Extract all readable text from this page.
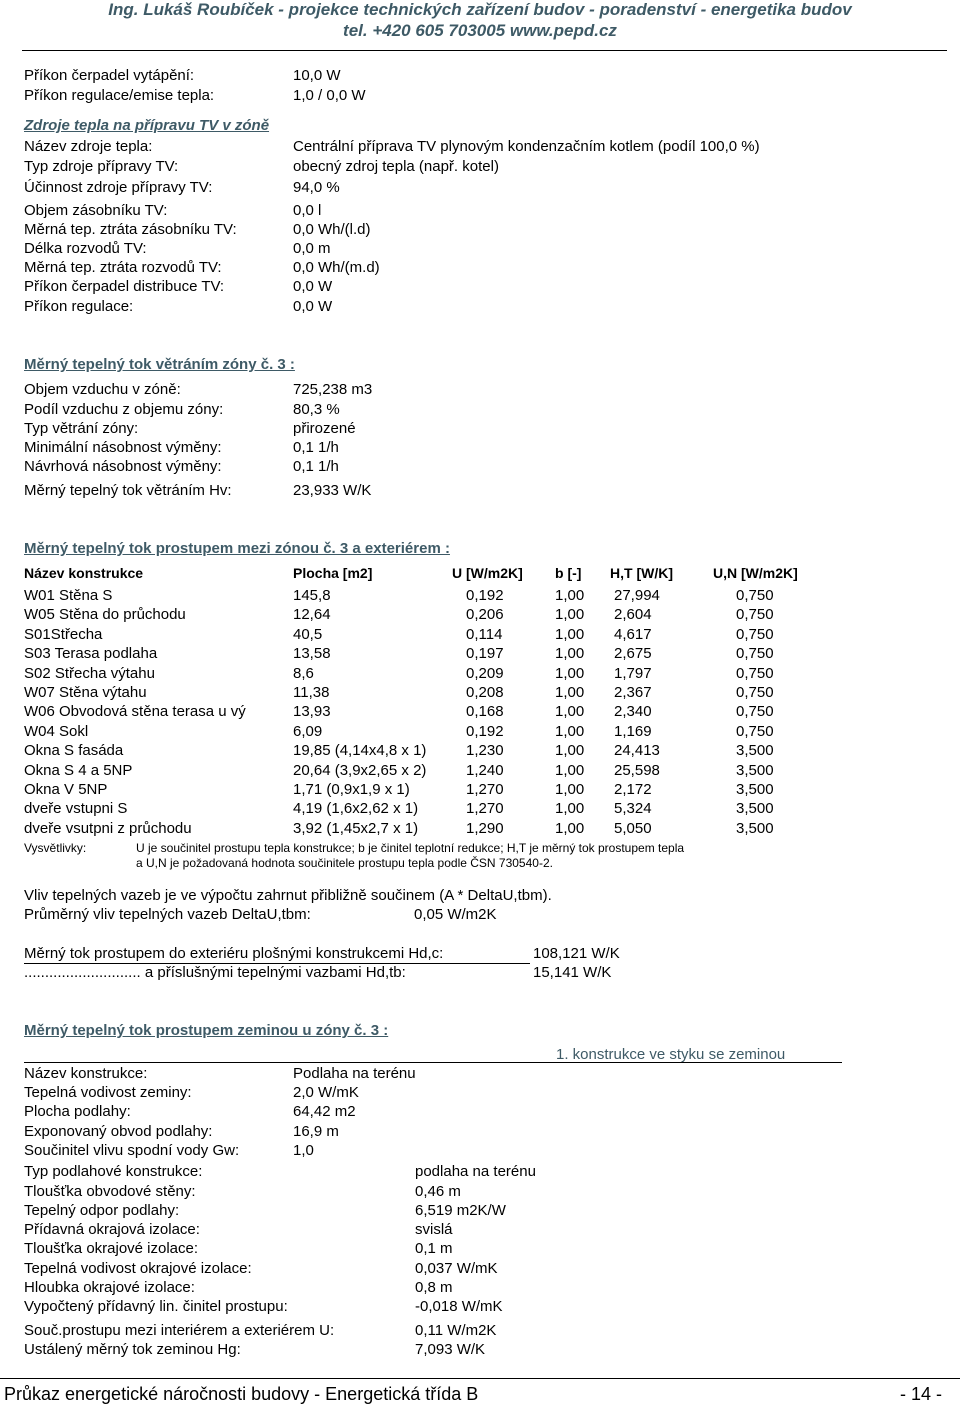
Ing. Lukáš Roubíček - projekce technických zařízení budov - poradenství - energetika budov
tel. +420 605 703005 www.pepd.cz
Příkon čerpadel vytápění:	10,0 W
Příkon regulace/emise tepla:	1,0 / 0,0 W
Zdroje tepla na přípravu TV v zóně
Název zdroje tepla:	Centrální příprava TV plynovým kondenzačním kotlem (podíl 100,0 %)
Typ zdroje přípravy TV:	obecný zdroj tepla (např. kotel)
Účinnost zdroje přípravy TV:	94,0 %
Objem zásobníku TV:	0,0 l
Měrná tep. ztráta zásobníku TV:	0,0 Wh/(l.d)
Délka rozvodů TV:	0,0 m
Měrná tep. ztráta rozvodů TV:	0,0 Wh/(m.d)
Příkon čerpadel distribuce TV:	0,0 W
Příkon regulace:	0,0 W
Měrný tepelný tok větráním zóny č. 3 :
Objem vzduchu v zóně:	725,238 m3
Podíl vzduchu z objemu zóny:	80,3 %
Typ větrání zóny:	přirozené
Minimální násobnost výměny:	0,1 1/h
Návrhová násobnost výměny:	0,1 1/h
Měrný tepelný tok větráním Hv:	23,933 W/K
Měrný tepelný tok prostupem mezi zónou č. 3 a exteriérem :
Název konstrukce	Plocha [m2]	U [W/m2K] b [-] H,T [W/K]	U,N [W/m2K]
W01 Stěna S	145,8	0,192	1,00 27,994	0,750
W05 Stěna do průchodu	12,64	0,206	1,00 2,604	0,750
S01Střecha	40,5	0,114	1,00 4,617	0,750
S03 Terasa podlaha	13,58	0,197	1,00 2,675	0,750
S02 Střecha výtahu	8,6	0,209	1,00 1,797	0,750
W07 Stěna výtahu	11,38	0,208	1,00 2,367	0,750
W06 Obvodová stěna terasa u vý	13,93	0,168	1,00 2,340	0,750
W04 Sokl	6,09	0,192	1,00 1,169	0,750
Okna S fasáda	19,85 (4,14x4,8 x 1)	1,230	1,00 24,413	3,500
Okna S 4 a 5NP	20,64 (3,9x2,65 x 2)	1,240	1,00 25,598	3,500
Okna V 5NP	1,71 (0,9x1,9 x 1)	1,270	1,00 2,172	3,500
dveře vstupni S	4,19 (1,6x2,62 x 1)	1,270	1,00 5,324	3,500
dveře vsutpni z průchodu	3,92 (1,45x2,7 x 1)	1,290	1,00 5,050	3,500
Vysvětlivky:	U je součinitel prostupu tepla konstrukce; b je činitel teplotní redukce; H,T je měrný tok prostupem tepla
a U,N je požadovaná hodnota součinitele prostupu tepla podle ČSN 730540-2.
Vliv tepelných vazeb je ve výpočtu zahrnut přibližně součinem (A * DeltaU,tbm).
Průměrný vliv tepelných vazeb DeltaU,tbm:	0,05 W/m2K
Měrný tok prostupem do exteriéru plošnými konstrukcemi Hd,c:	108,121 W/K
............................ a příslušnými tepelnými vazbami Hd,tb:	15,141 W/K
Měrný tepelný tok prostupem zeminou u zóny č. 3 :
1. konstrukce ve styku se zeminou
Název konstrukce:	Podlaha na terénu
Tepelná vodivost zeminy:	2,0 W/mK
Plocha podlahy:	64,42 m2
Exponovaný obvod podlahy:	16,9 m
Součinitel vlivu spodní vody Gw:	1,0
Typ podlahové konstrukce:	podlaha na terénu
Tloušťka obvodové stěny:	0,46 m
Tepelný odpor podlahy:	6,519 m2K/W
Přídavná okrajová izolace:	svislá
Tloušťka okrajové izolace:	0,1 m
Tepelná vodivost okrajové izolace:	0,037 W/mK
Hloubka okrajové izolace:	0,8 m
Vypočtený přídavný lin. činitel prostupu:	-0,018 W/mK
Souč.prostupu mezi interiérem a exteriérem U:	0,11 W/m2K
Ustálený měrný tok zeminou Hg:	7,093 W/K
Průkaz energetické náročnosti budovy - Energetická třída B	- 14 -
